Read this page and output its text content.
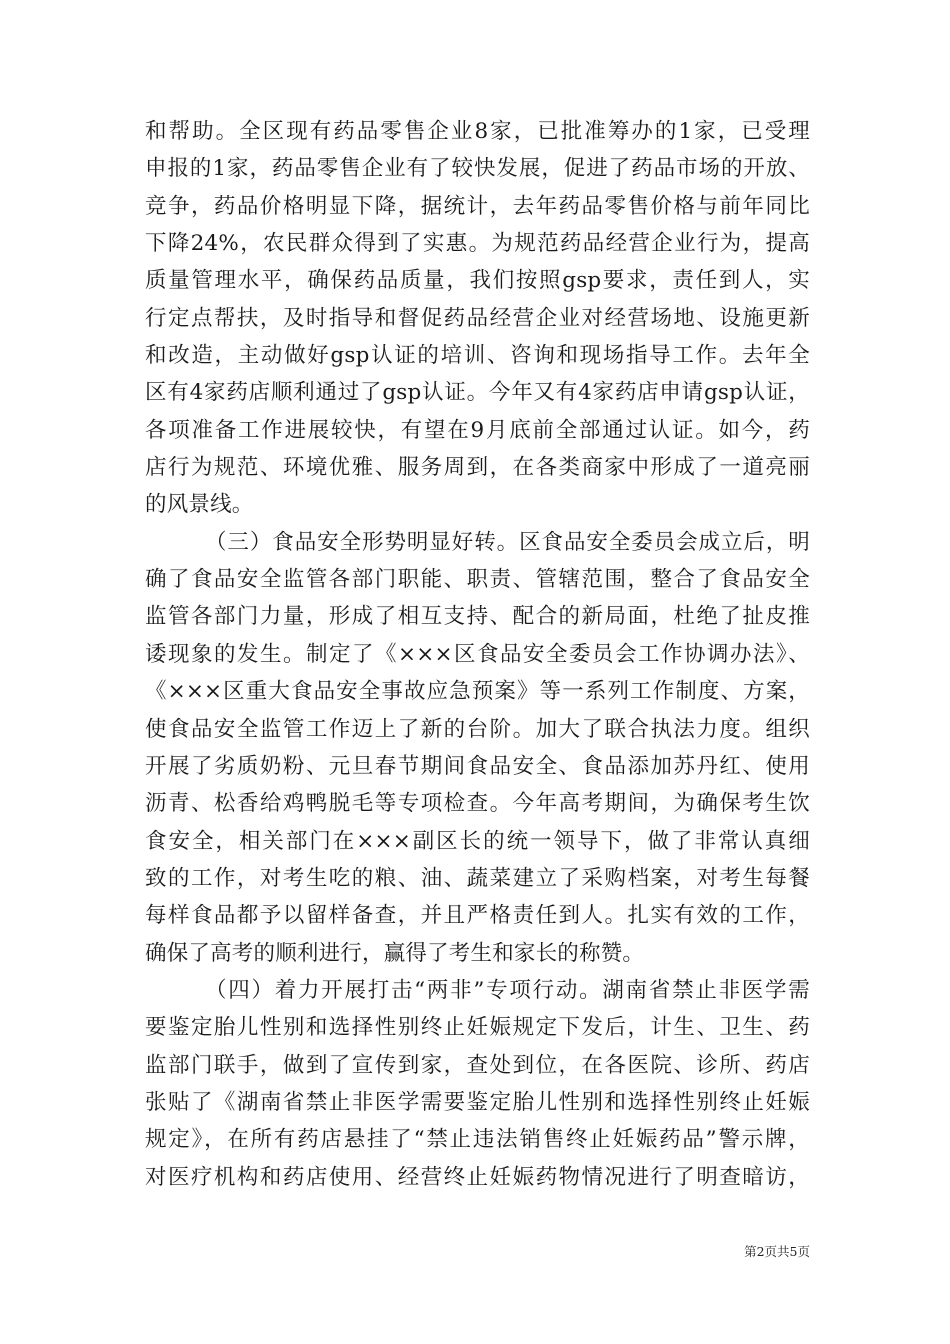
和帮助。全区现有药品零售企业8家，已批准筹办的1家，已受理
申报的1家，药品零售企业有了较快发展，促进了药品市场的开放、
竞争，药品价格明显下降，据统计，去年药品零售价格与前年同比
下降24%，农民群众得到了实惠。为规范药品经营企业行为，提高
质量管理水平，确保药品质量，我们按照gsp要求，责任到人，实
行定点帮扶，及时指导和督促药品经营企业对经营场地、设施更新
和改造，主动做好gsp认证的培训、咨询和现场指导工作。去年全
区有4家药店顺利通过了gsp认证。今年又有4家药店申请gsp认证，
各项准备工作进展较快，有望在9月底前全部通过认证。如今，药
店行为规范、环境优雅、服务周到，在各类商家中形成了一道亮丽
的风景线。
（三）食品安全形势明显好转。区食品安全委员会成立后，明
确了食品安全监管各部门职能、职责、管辖范围，整合了食品安全
监管各部门力量，形成了相互支持、配合的新局面，杜绝了扯皮推
诿现象的发生。制定了《×××区食品安全委员会工作协调办法》、
《×××区重大食品安全事故应急预案》等一系列工作制度、方案，
使食品安全监管工作迈上了新的台阶。加大了联合执法力度。组织
开展了劣质奶粉、元旦春节期间食品安全、食品添加苏丹红、使用
沥青、松香给鸡鸭脱毛等专项检查。今年高考期间，为确保考生饮
食安全，相关部门在×××副区长的统一领导下，做了非常认真细
致的工作，对考生吃的粮、油、蔬菜建立了采购档案，对考生每餐
每样食品都予以留样备查，并且严格责任到人。扎实有效的工作，
确保了高考的顺利进行，赢得了考生和家长的称赞。
（四）着力开展打击“两非”专项行动。湖南省禁止非医学需
要鉴定胎儿性别和选择性别终止妊娠规定下发后，计生、卫生、药
监部门联手，做到了宣传到家，查处到位，在各医院、诊所、药店
张贴了《湖南省禁止非医学需要鉴定胎儿性别和选择性别终止妊娠
规定》，在所有药店悬挂了“禁止违法销售终止妊娠药品”警示牌，
对医疗机构和药店使用、经营终止妊娠药物情况进行了明查暗访，
第2页共5页
